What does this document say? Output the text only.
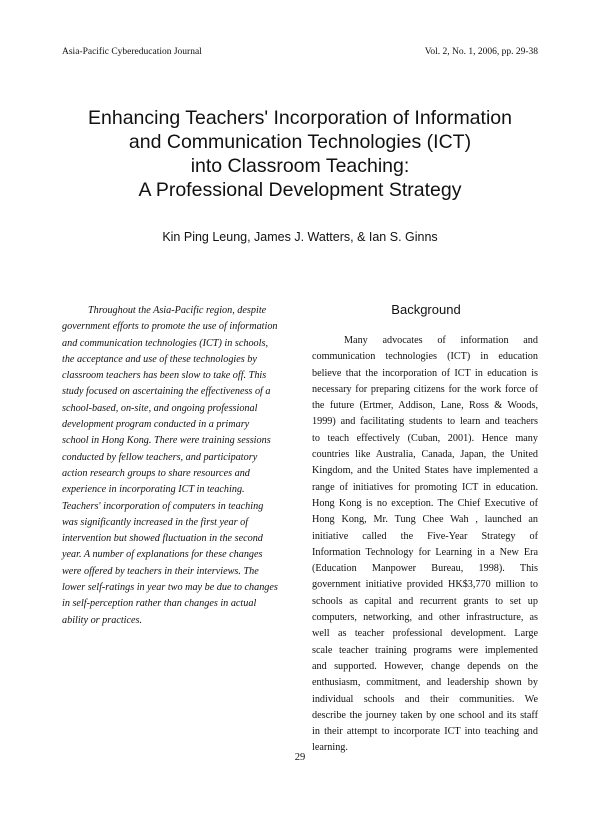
Asia-Pacific Cybereducation Journal	Vol. 2, No. 1, 2006, pp. 29-38
Enhancing Teachers' Incorporation of Information
and Communication Technologies (ICT)
into Classroom Teaching:
A Professional Development Strategy
Kin Ping Leung, James J. Watters, & Ian S. Ginns
Throughout the Asia-Pacific region, despite
government efforts to promote the use of information
and communication technologies (ICT) in schools,
the acceptance and use of these technologies by
classroom teachers has been slow to take off. This
study focused on ascertaining the effectiveness of a
school-based, on-site, and ongoing professional
development program conducted in a primary
school in Hong Kong. There were training sessions
conducted by fellow teachers, and participatory
action research groups to share resources and
experience in incorporating ICT in teaching.
Teachers' incorporation of computers in teaching
was significantly increased in the first year of
intervention but showed fluctuation in the second
year. A number of explanations for these changes
were offered by teachers in their interviews. The
lower self-ratings in year two may be due to changes
in self-perception rather than changes in actual
ability or practices.
Background
Many advocates of information and
communication technologies (ICT) in education
believe that the incorporation of ICT in education is
necessary for preparing citizens for the work force of
the future (Ertmer, Addison, Lane, Ross & Woods,
1999) and facilitating students to learn and teachers
to teach effectively (Cuban, 2001). Hence many
countries like Australia, Canada, Japan, the United
Kingdom, and the United States have implemented a
range of initiatives for promoting ICT in education.
Hong Kong is no exception. The Chief Executive of
Hong Kong, Mr. Tung Chee Wah , launched an
initiative called the Five-Year Strategy of
Information Technology for Learning in a New Era
(Education Manpower Bureau, 1998). This
government initiative provided HK$3,770 million to
schools as capital and recurrent grants to set up
computers, networking, and other infrastructure, as
well as teacher professional development. Large
scale teacher training programs were implemented
and supported. However, change depends on the
enthusiasm, commitment, and leadership shown by
individual schools and their communities. We
describe the journey taken by one school and its staff
in their attempt to incorporate ICT into teaching and
learning.
29
